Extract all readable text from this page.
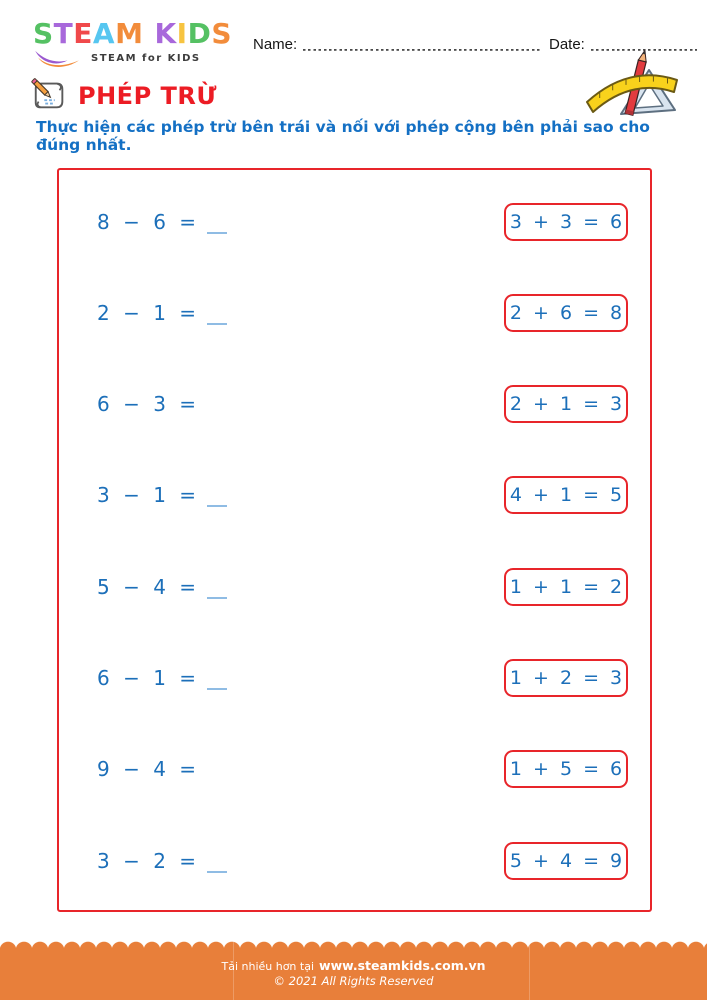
S T E A M K I D S
STEAM for KIDS
Name:	Date:
PHÉP TRỪ

Thực hiện các phép trừ bên trái và nối với phép cộng bên phải sao cho đúng nhất.

8 − 6 =	3 + 3 = 6
2 − 1 =	2 + 6 = 8
6 − 3 =	2 + 1 = 3
3 − 1 =	4 + 1 = 5
5 − 4 =	1 + 1 = 2
6 − 1 =	1 + 2 = 3
9 − 4 =	1 + 5 = 6
3 − 2 =	5 + 4 = 9
Tải nhiều hơn tại www.steamkids.com.vn
© 2021 All Rights Reserved
